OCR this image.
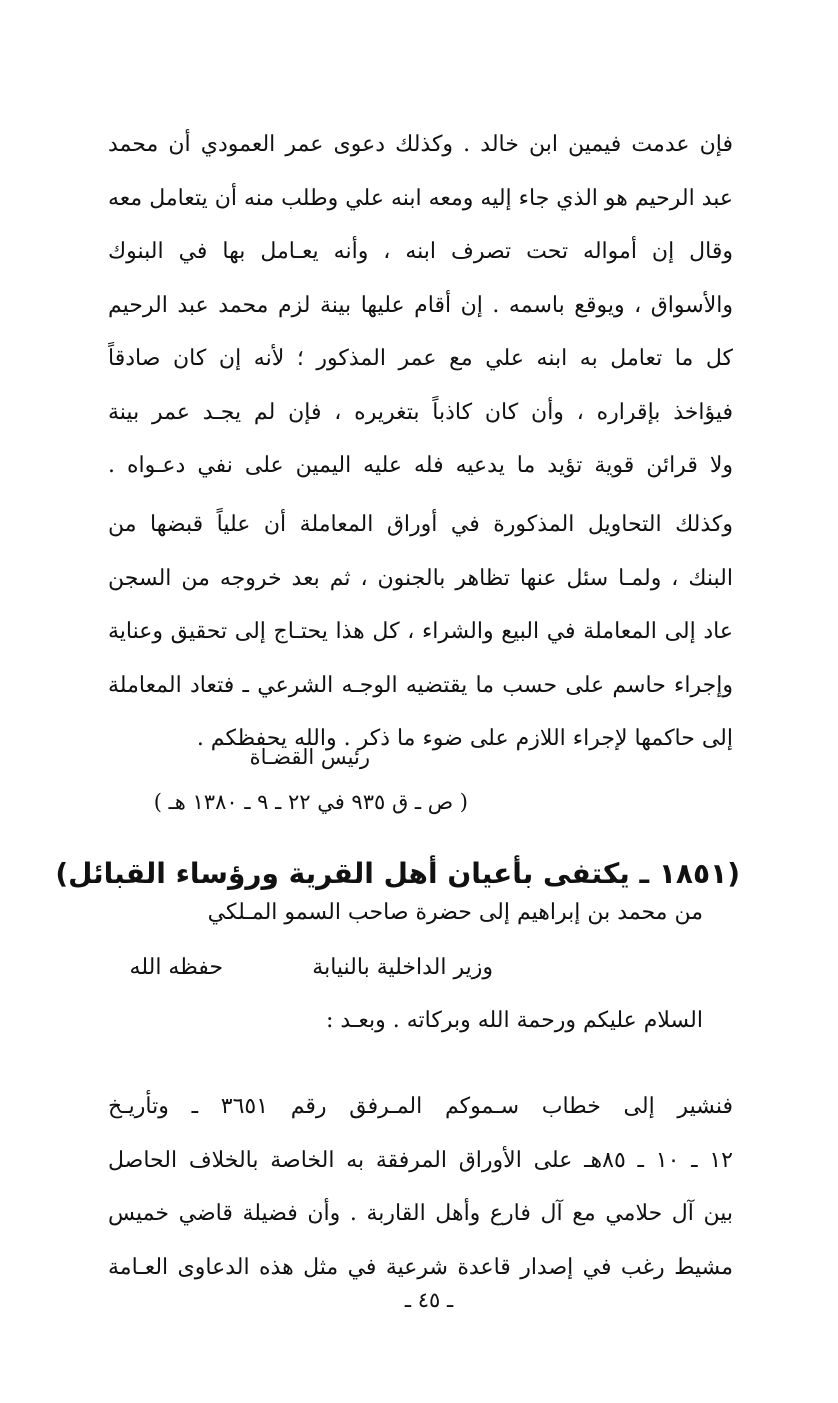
فإن عدمت فيمين ابن خالد . وكذلك دعوى عمر العمودي أن محمد
عبد الرحيم هو الذي جاء إليه ومعه ابنه علي وطلب منه أن يتعامل معه
وقال إن أمواله تحت تصرف ابنه ، وأنه يعـامل بها في البنوك
والأسواق ، ويوقع باسمه . إن أقام عليها بينة لزم محمد عبد الرحيم
كل ما تعامل به ابنه علي مع عمر المذكور ؛ لأنه إن كان صادقاً
فيؤاخذ بإقراره ، وأن كان كاذباً بتغريره ، فإن لم يجـد عمر بينة
ولا قرائن قوية تؤيد ما يدعيه فله عليه اليمين على نفي دعـواه .
وكذلك التحاويل المذكورة في أوراق المعاملة أن علياً قبضها من
البنك ، ولمـا سئل عنها تظاهر بالجنون ، ثم بعد خروجه من السجن
عاد إلى المعاملة في البيع والشراء ، كل هذا يحتـاج إلى تحقيق وعناية
وإجراء حاسم على حسب ما يقتضيه الوجـه الشرعي ـ فتعاد المعاملة
إلى حاكمها لإجراء اللازم على ضوء ما ذكر . والله يحفظكم .
رئيس القضـاة
( ص ـ ق ٩٣٥ في ٢٢ ـ ٩ ـ ١٣٨٠ هـ )
(١٨٥١ ـ يكتفى بأعيان أهل القرية ورؤساء القبائل)
من محمد بن إبراهيم إلى حضرة صاحب السمو المـلكي
وزير الداخلية بالنيابة
حفظه الله
السلام عليكم ورحمة الله وبركاته . وبعـد :
فنشير إلى خطاب سـموكم المـرفق رقم ٣٦٥١ ـ وتأريـخ
١٢ ـ ١٠ ـ ٨٥هـ على الأوراق المرفقة به الخاصة بالخلاف الحاصل
بين آل حلامي مع آل فارع وأهل القاربة . وأن فضيلة قاضي خميس
مشيط رغب في إصدار قاعدة شرعية في مثل هذه الدعاوى العـامة
ـ ٤٥ ـ
